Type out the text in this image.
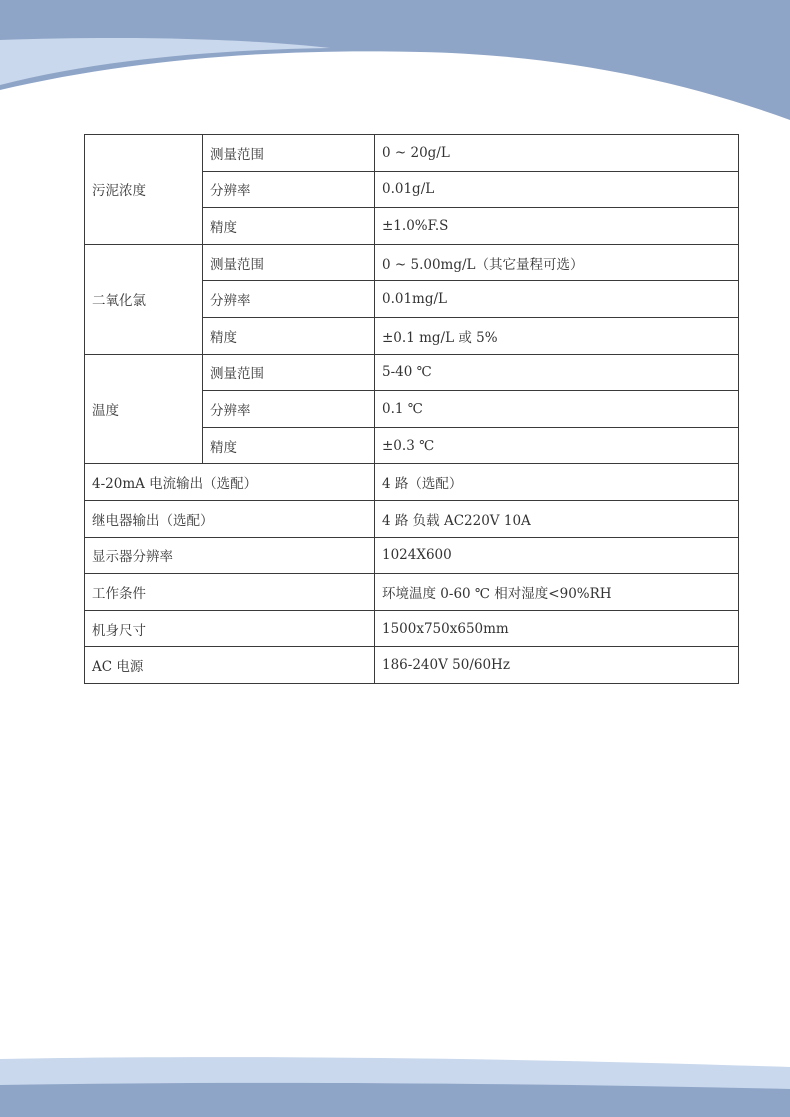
污泥浓度	测量范围	0 ~ 20g/L
	分辨率	0.01g/L
	精度	±1.0%F.S
二氧化氯	测量范围	0 ~ 5.00mg/L（其它量程可选）
	分辨率	0.01mg/L
	精度	±0.1 mg/L 或 5%
温度	测量范围	5-40 ℃
	分辨率	0.1 ℃
	精度	±0.3 ℃
4-20mA 电流输出（选配）		4 路（选配）
继电器输出（选配）		4 路 负载 AC220V 10A
显示器分辨率		1024X600
工作条件		环境温度 0-60 ℃ 相对湿度<90%RH
机身尺寸		1500x750x650mm
AC 电源		186-240V 50/60Hz
